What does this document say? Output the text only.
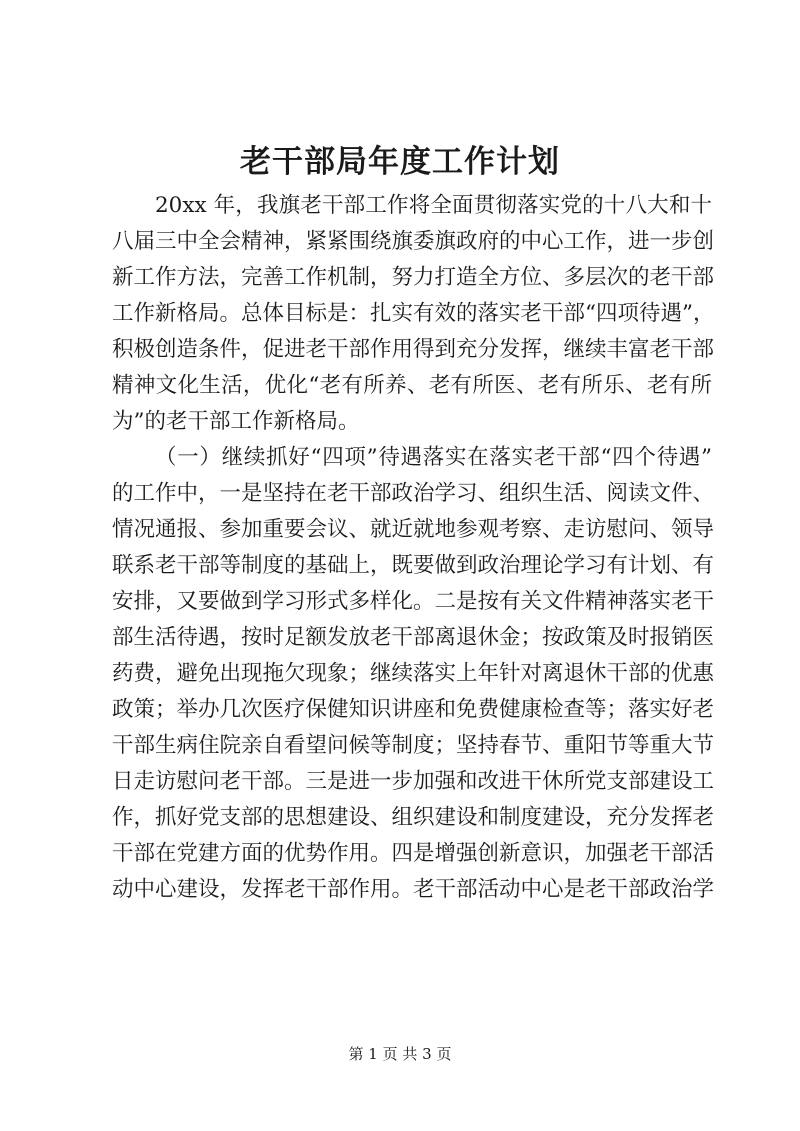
老干部局年度工作计划
20xx 年，我旗老干部工作将全面贯彻落实党的十八大和十
八届三中全会精神，紧紧围绕旗委旗政府的中心工作，进一步创
新工作方法，完善工作机制，努力打造全方位、多层次的老干部
工作新格局。总体目标是：扎实有效的落实老干部“四项待遇”，
积极创造条件，促进老干部作用得到充分发挥，继续丰富老干部
精神文化生活，优化“老有所养、老有所医、老有所乐、老有所
为”的老干部工作新格局。
（一）继续抓好“四项”待遇落实在落实老干部“四个待遇”
的工作中，一是坚持在老干部政治学习、组织生活、阅读文件、
情况通报、参加重要会议、就近就地参观考察、走访慰问、领导
联系老干部等制度的基础上，既要做到政治理论学习有计划、有
安排，又要做到学习形式多样化。二是按有关文件精神落实老干
部生活待遇，按时足额发放老干部离退休金；按政策及时报销医
药费，避免出现拖欠现象；继续落实上年针对离退休干部的优惠
政策；举办几次医疗保健知识讲座和免费健康检查等；落实好老
干部生病住院亲自看望问候等制度；坚持春节、重阳节等重大节
日走访慰问老干部。三是进一步加强和改进干休所党支部建设工
作，抓好党支部的思想建设、组织建设和制度建设，充分发挥老
干部在党建方面的优势作用。四是增强创新意识，加强老干部活
动中心建设，发挥老干部作用。老干部活动中心是老干部政治学
第 1 页 共 3 页
